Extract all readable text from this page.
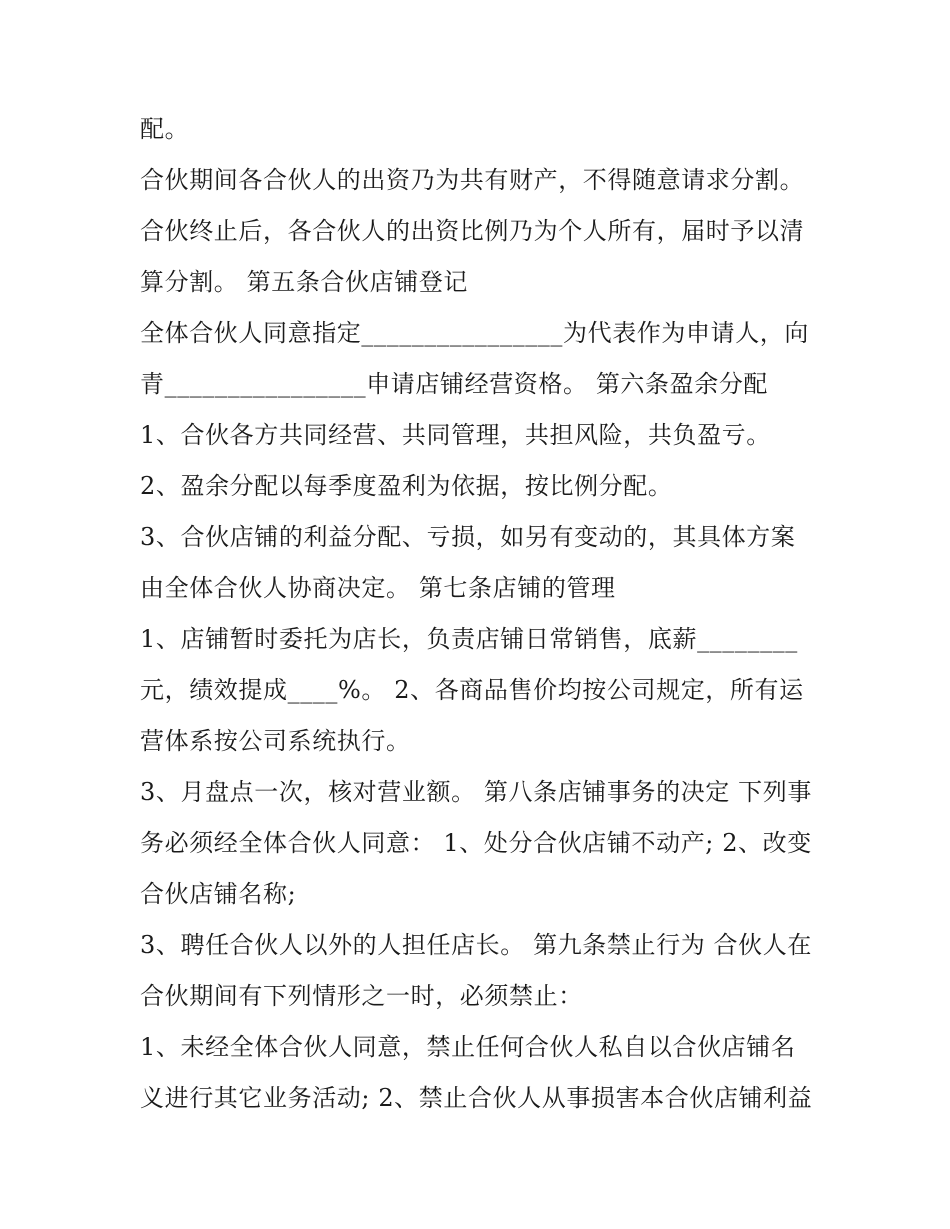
配。
合伙期间各合伙人的出资乃为共有财产，不得随意请求分割。
合伙终止后，各合伙人的出资比例乃为个人所有，届时予以清
算分割。 第五条合伙店铺登记
全体合伙人同意指定________________为代表作为申请人，向
青________________申请店铺经营资格。 第六条盈余分配
1、合伙各方共同经营、共同管理，共担风险，共负盈亏。
2、盈余分配以每季度盈利为依据，按比例分配。
3、合伙店铺的利益分配、亏损，如另有变动的，其具体方案
由全体合伙人协商决定。 第七条店铺的管理
1、店铺暂时委托为店长，负责店铺日常销售，底薪________
元，绩效提成____%。 2、各商品售价均按公司规定，所有运
营体系按公司系统执行。
3、月盘点一次，核对营业额。 第八条店铺事务的决定 下列事
务必须经全体合伙人同意： 1、处分合伙店铺不动产; 2、改变
合伙店铺名称;
3、聘任合伙人以外的人担任店长。 第九条禁止行为 合伙人在
合伙期间有下列情形之一时，必须禁止：
1、未经全体合伙人同意，禁止任何合伙人私自以合伙店铺名
义进行其它业务活动; 2、禁止合伙人从事损害本合伙店铺利益
